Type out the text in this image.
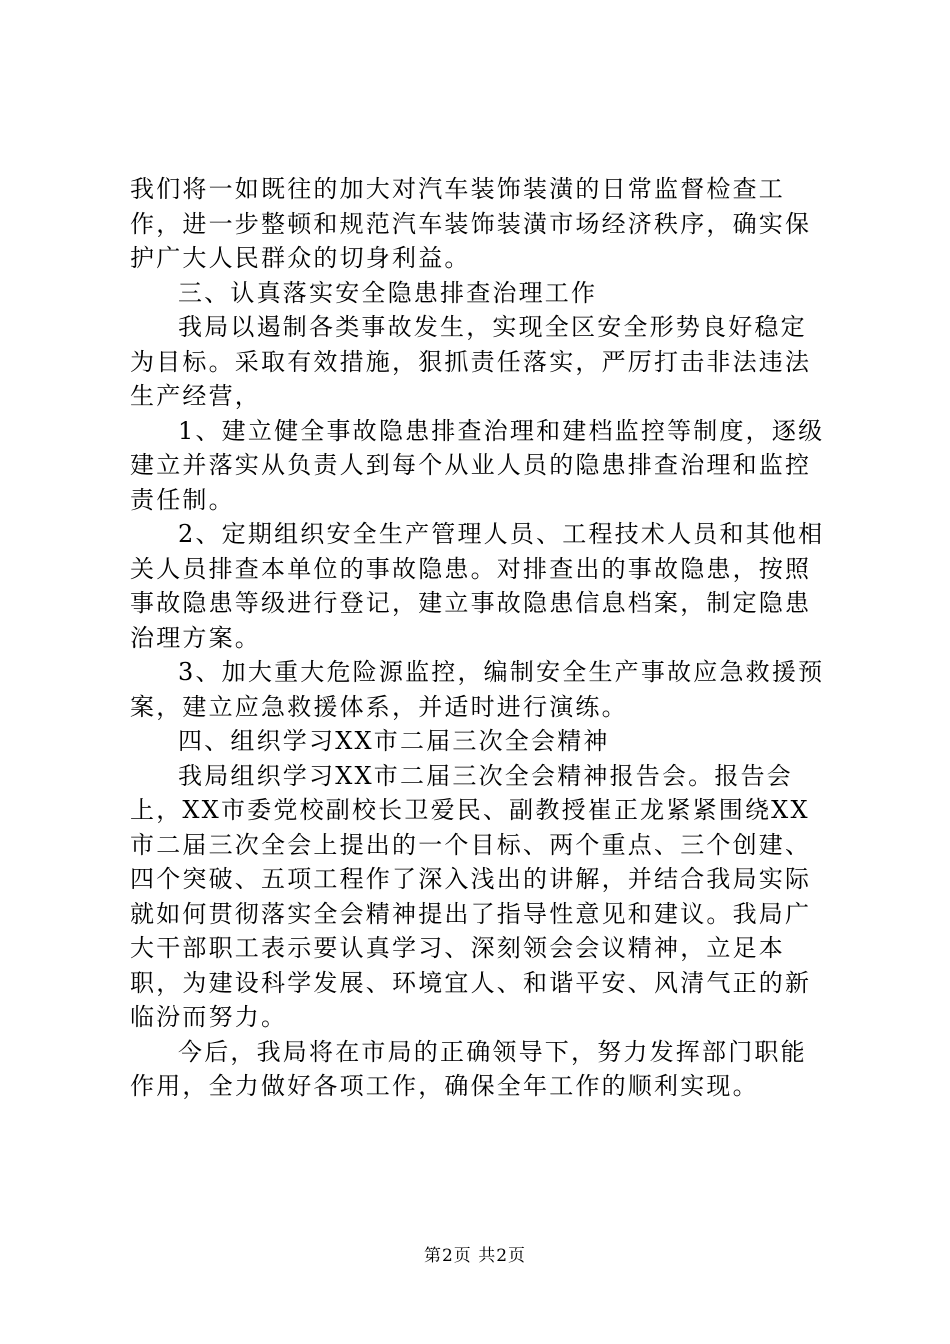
我们将一如既往的加大对汽车装饰装潢的日常监督检查工作，进一步整顿和规范汽车装饰装潢市场经济秩序，确实保护广大人民群众的切身利益。

三、认真落实安全隐患排查治理工作

我局以遏制各类事故发生，实现全区安全形势良好稳定为目标。采取有效措施，狠抓责任落实，严厉打击非法违法生产经营，

1、建立健全事故隐患排查治理和建档监控等制度，逐级建立并落实从负责人到每个从业人员的隐患排查治理和监控责任制。

2、定期组织安全生产管理人员、工程技术人员和其他相关人员排查本单位的事故隐患。对排查出的事故隐患，按照事故隐患等级进行登记，建立事故隐患信息档案，制定隐患治理方案。

3、加大重大危险源监控，编制安全生产事故应急救援预案，建立应急救援体系，并适时进行演练。

四、组织学习XX市二届三次全会精神

我局组织学习XX市二届三次全会精神报告会。报告会上，XX市委党校副校长卫爱民、副教授崔正龙紧紧围绕XX市二届三次全会上提出的一个目标、两个重点、三个创建、四个突破、五项工程作了深入浅出的讲解，并结合我局实际就如何贯彻落实全会精神提出了指导性意见和建议。我局广大干部职工表示要认真学习、深刻领会会议精神，立足本职，为建设科学发展、环境宜人、和谐平安、风清气正的新临汾而努力。

今后，我局将在市局的正确领导下，努力发挥部门职能作用，全力做好各项工作，确保全年工作的顺利实现。

第2页 共2页
